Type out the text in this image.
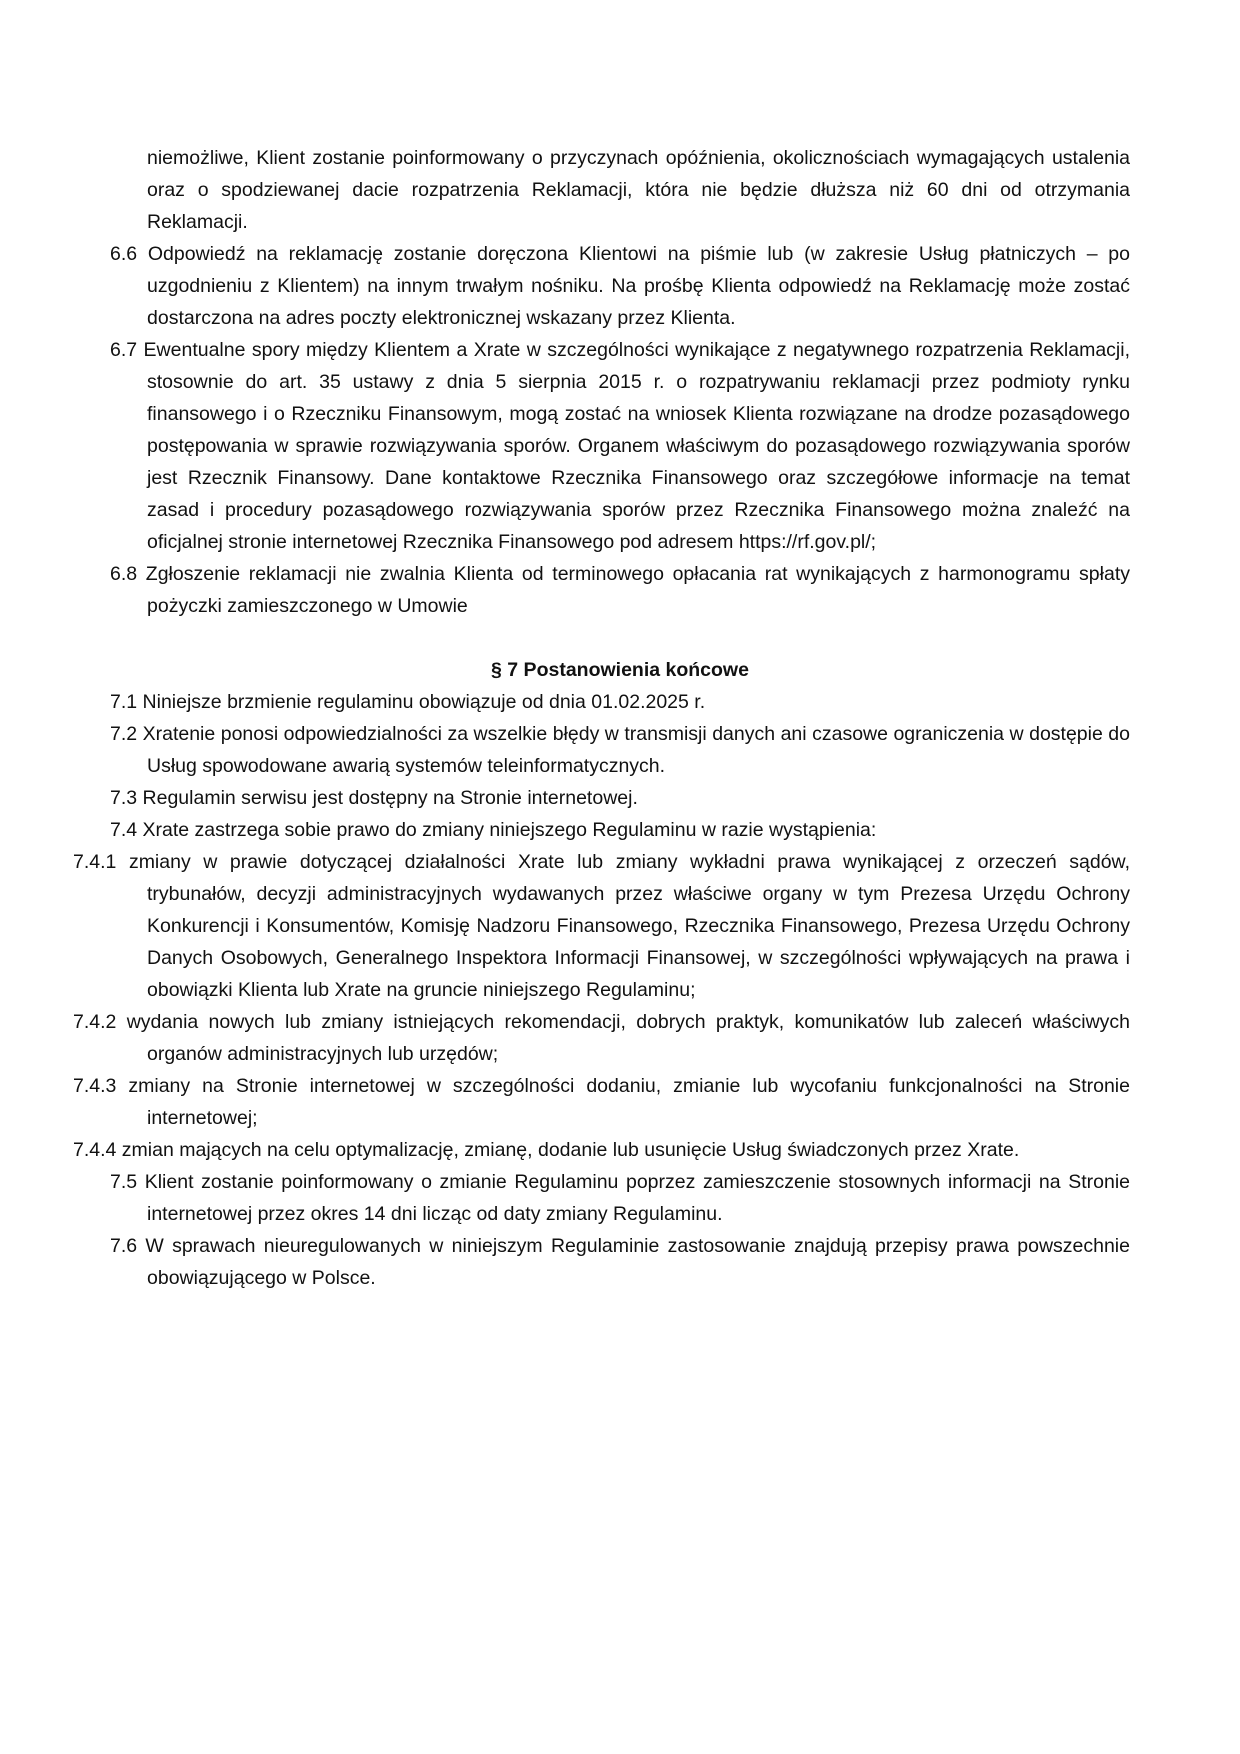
niemożliwe, Klient zostanie poinformowany o przyczynach opóźnienia, okolicznościach wymagających ustalenia oraz o spodziewanej dacie rozpatrzenia Reklamacji, która nie będzie dłuższa niż 60 dni od otrzymania Reklamacji.

6.6 Odpowiedź na reklamację zostanie doręczona Klientowi na piśmie lub (w zakresie Usług płatniczych – po uzgodnieniu z Klientem) na innym trwałym nośniku. Na prośbę Klienta odpowiedź na Reklamację może zostać dostarczona na adres poczty elektronicznej wskazany przez Klienta.

6.7 Ewentualne spory między Klientem a Xrate w szczególności wynikające z negatywnego rozpatrzenia Reklamacji, stosownie do art. 35 ustawy z dnia 5 sierpnia 2015 r. o rozpatrywaniu reklamacji przez podmioty rynku finansowego i o Rzeczniku Finansowym, mogą zostać na wniosek Klienta rozwiązane na drodze pozasądowego postępowania w sprawie rozwiązywania sporów. Organem właściwym do pozasądowego rozwiązywania sporów jest Rzecznik Finansowy. Dane kontaktowe Rzecznika Finansowego oraz szczegółowe informacje na temat zasad i procedury pozasądowego rozwiązywania sporów przez Rzecznika Finansowego można znaleźć na oficjalnej stronie internetowej Rzecznika Finansowego pod adresem https://rf.gov.pl/;

6.8 Zgłoszenie reklamacji nie zwalnia Klienta od terminowego opłacania rat wynikających z harmonogramu spłaty pożyczki zamieszczonego w Umowie

§ 7 Postanowienia końcowe

7.1 Niniejsze brzmienie regulaminu obowiązuje od dnia 01.02.2025 r.

7.2 Xratenie ponosi odpowiedzialności za wszelkie błędy w transmisji danych ani czasowe ograniczenia w dostępie do Usług spowodowane awarią systemów teleinformatycznych.

7.3 Regulamin serwisu jest dostępny na Stronie internetowej.

7.4 Xrate zastrzega sobie prawo do zmiany niniejszego Regulaminu w razie wystąpienia:

7.4.1 zmiany w prawie dotyczącej działalności Xrate lub zmiany wykładni prawa wynikającej z orzeczeń sądów, trybunałów, decyzji administracyjnych wydawanych przez właściwe organy w tym Prezesa Urzędu Ochrony Konkurencji i Konsumentów, Komisję Nadzoru Finansowego, Rzecznika Finansowego, Prezesa Urzędu Ochrony Danych Osobowych, Generalnego Inspektora Informacji Finansowej, w szczególności wpływających na prawa i obowiązki Klienta lub Xrate na gruncie niniejszego Regulaminu;

7.4.2 wydania nowych lub zmiany istniejących rekomendacji, dobrych praktyk, komunikatów lub zaleceń właściwych organów administracyjnych lub urzędów;

7.4.3 zmiany na Stronie internetowej w szczególności dodaniu, zmianie lub wycofaniu funkcjonalności na Stronie internetowej;

7.4.4 zmian mających na celu optymalizację, zmianę, dodanie lub usunięcie Usług świadczonych przez Xrate.

7.5 Klient zostanie poinformowany o zmianie Regulaminu poprzez zamieszczenie stosownych informacji na Stronie internetowej przez okres 14 dni licząc od daty zmiany Regulaminu.

7.6 W sprawach nieuregulowanych w niniejszym Regulaminie zastosowanie znajdują przepisy prawa powszechnie obowiązującego w Polsce.
